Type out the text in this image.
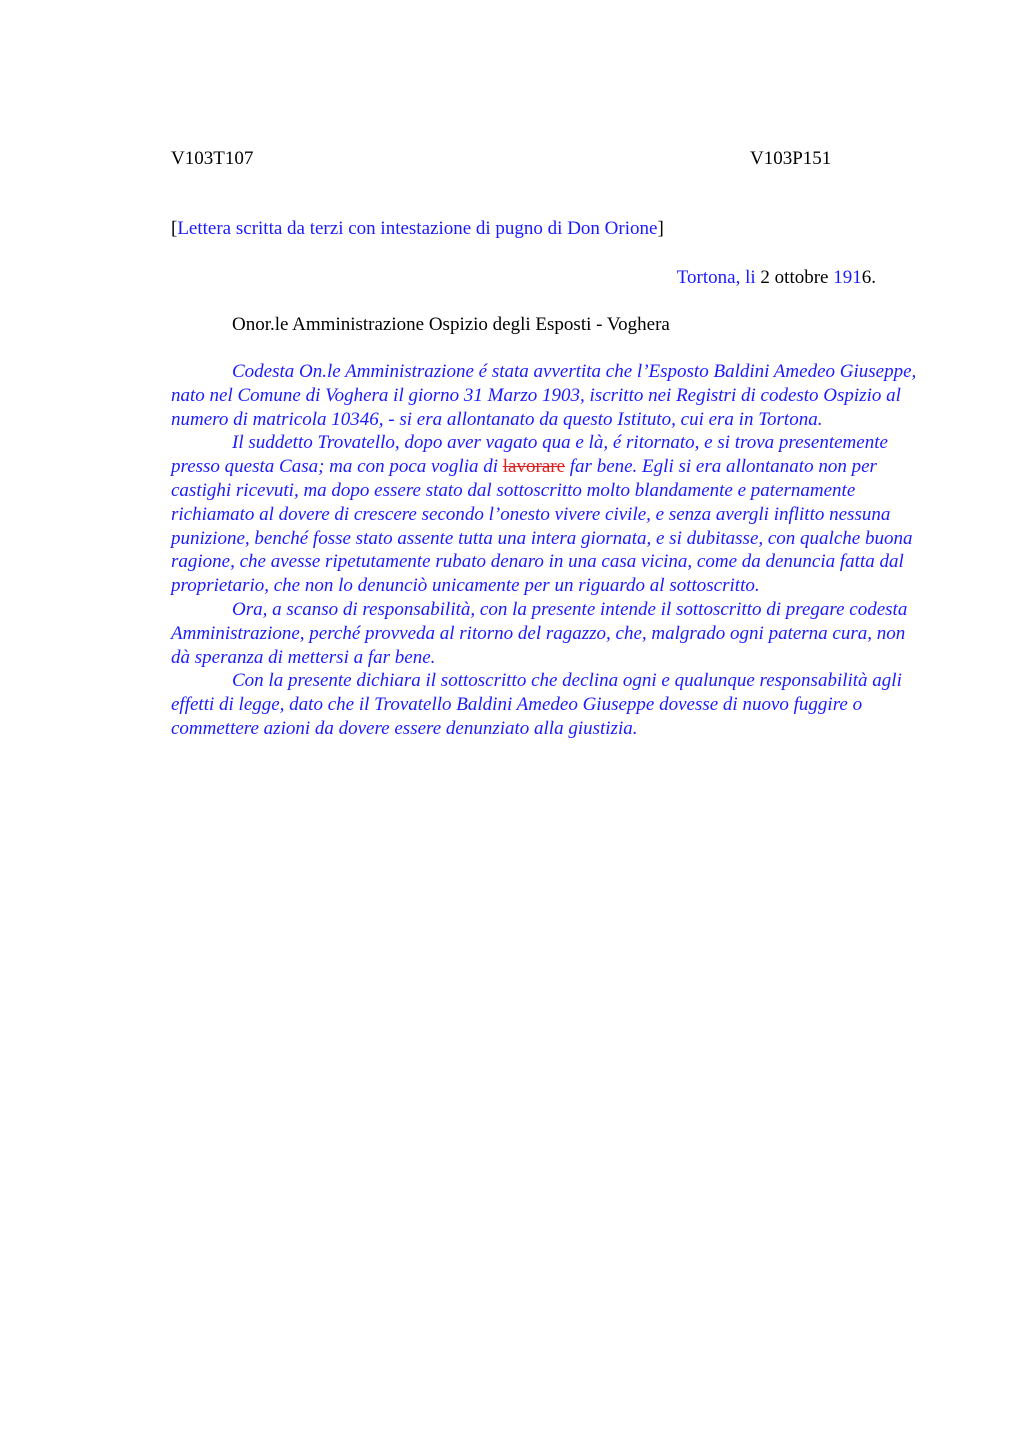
V103T107	V103P151
[Lettera scritta da terzi con intestazione di pugno di Don Orione]
Tortona, li 2 ottobre 1916.
Onor.le Amministrazione Ospizio degli Esposti - Voghera

Codesta On.le Amministrazione é stata avvertita che l’Esposto Baldini Amedeo Giuseppe, nato nel Comune di Voghera il giorno 31 Marzo 1903, iscritto nei Registri di codesto Ospizio al numero di matricola 10346, - si era allontanato da questo Istituto, cui era in Tortona.

Il suddetto Trovatello, dopo aver vagato qua e là, é ritornato, e si trova presentemente presso questa Casa; ma con poca voglia di lavorare far bene. Egli si era allontanato non per castighi ricevuti, ma dopo essere stato dal sottoscritto molto blandamente e paternamente richiamato al dovere di crescere secondo l’onesto vivere civile, e senza avergli inflitto nessuna punizione, benché fosse stato assente tutta una intera giornata, e si dubitasse, con qualche buona ragione, che avesse ripetutamente rubato denaro in una casa vicina, come da denuncia fatta dal proprietario, che non lo denunciò unicamente per un riguardo al sottoscritto.

Ora, a scanso di responsabilità, con la presente intende il sottoscritto di pregare codesta Amministrazione, perché provveda al ritorno del ragazzo, che, malgrado ogni paterna cura, non dà speranza di mettersi a far bene.

Con la presente dichiara il sottoscritto che declina ogni e qualunque responsabilità agli effetti di legge, dato che il Trovatello Baldini Amedeo Giuseppe dovesse di nuovo fuggire o commettere azioni da dovere essere denunziato alla giustizia.
